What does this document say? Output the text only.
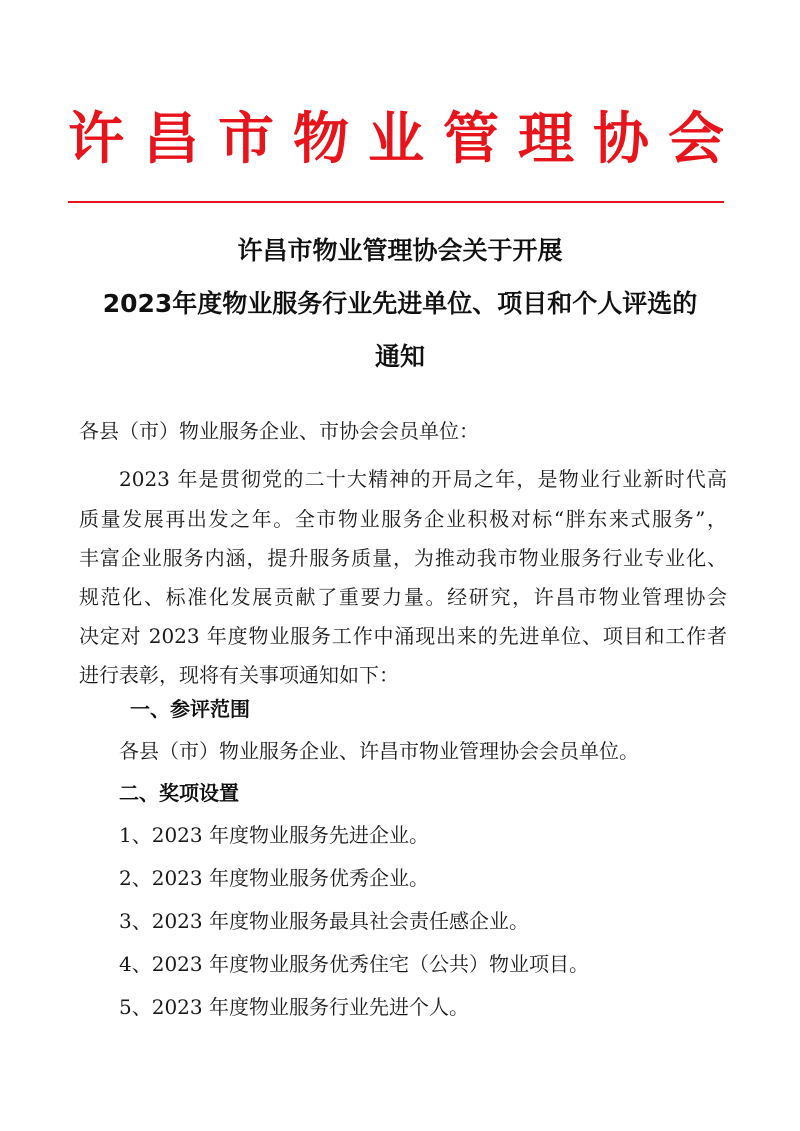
许 昌 市 物 业 管 理 协 会
许昌市物业管理协会关于开展
2023年度物业服务行业先进单位、项目和个人评选的
通知
各县（市）物业服务企业、市协会会员单位：
2023 年是贯彻党的二十大精神的开局之年，是物业行业新时代高
质量发展再出发之年。全市物业服务企业积极对标“胖东来式服务”，
丰富企业服务内涵，提升服务质量，为推动我市物业服务行业专业化、
规范化、标准化发展贡献了重要力量。经研究，许昌市物业管理协会
决定对 2023 年度物业服务工作中涌现出来的先进单位、项目和工作者
进行表彰，现将有关事项通知如下：
一、参评范围
各县（市）物业服务企业、许昌市物业管理协会会员单位。
二、奖项设置
1、2023 年度物业服务先进企业。
2、2023 年度物业服务优秀企业。
3、2023 年度物业服务最具社会责任感企业。
4、2023 年度物业服务优秀住宅（公共）物业项目。
5、2023 年度物业服务行业先进个人。
